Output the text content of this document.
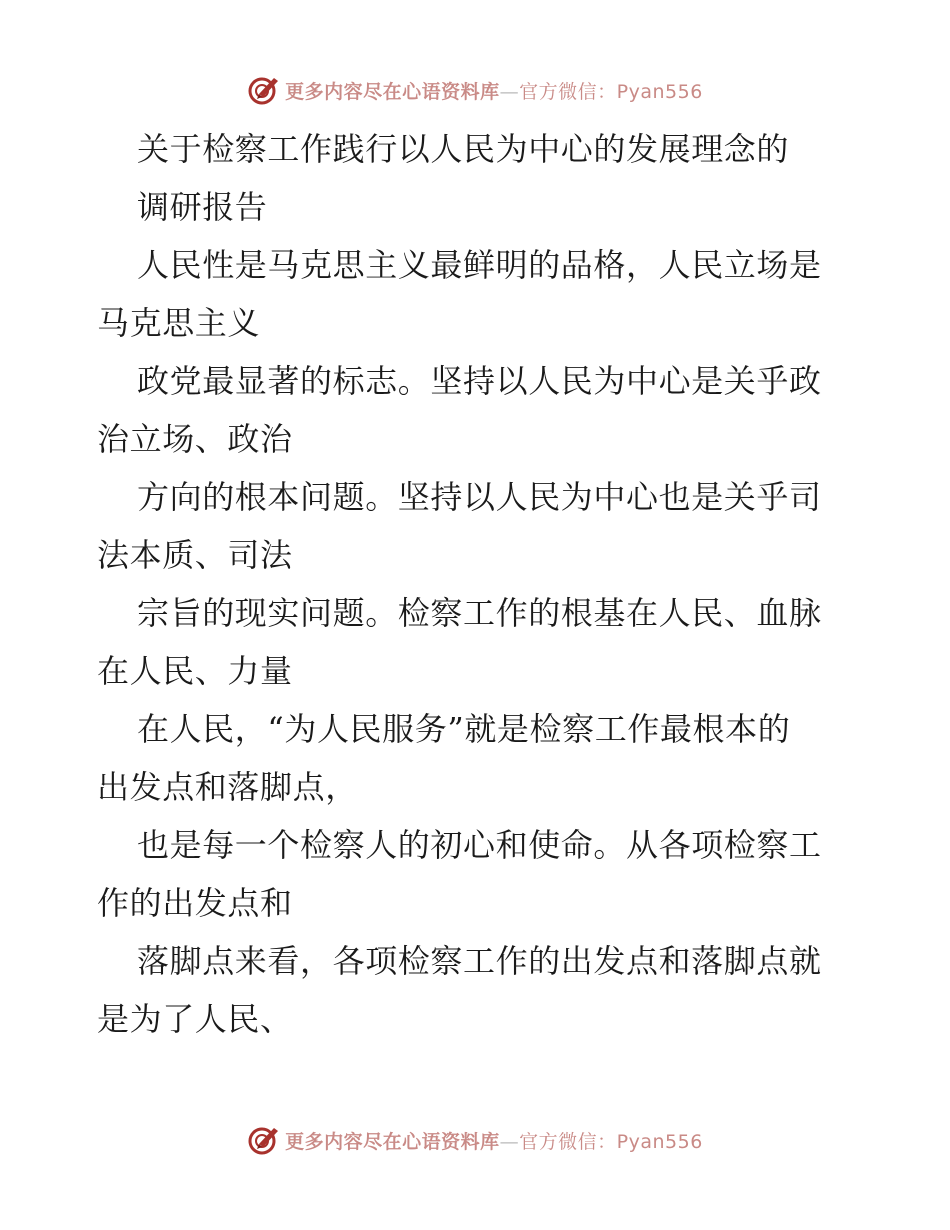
更多内容尽在心语资料库—官方微信：Pyan556
关于检察工作践行以人民为中心的发展理念的
调研报告
人民性是马克思主义最鲜明的品格，人民立场是
马克思主义
政党最显著的标志。坚持以人民为中心是关乎政
治立场、政治
方向的根本问题。坚持以人民为中心也是关乎司
法本质、司法
宗旨的现实问题。检察工作的根基在人民、血脉
在人民、力量
在人民，“为人民服务”就是检察工作最根本的
出发点和落脚点，
也是每一个检察人的初心和使命。从各项检察工
作的出发点和
落脚点来看，各项检察工作的出发点和落脚点就
是为了人民、
更多内容尽在心语资料库—官方微信：Pyan556
